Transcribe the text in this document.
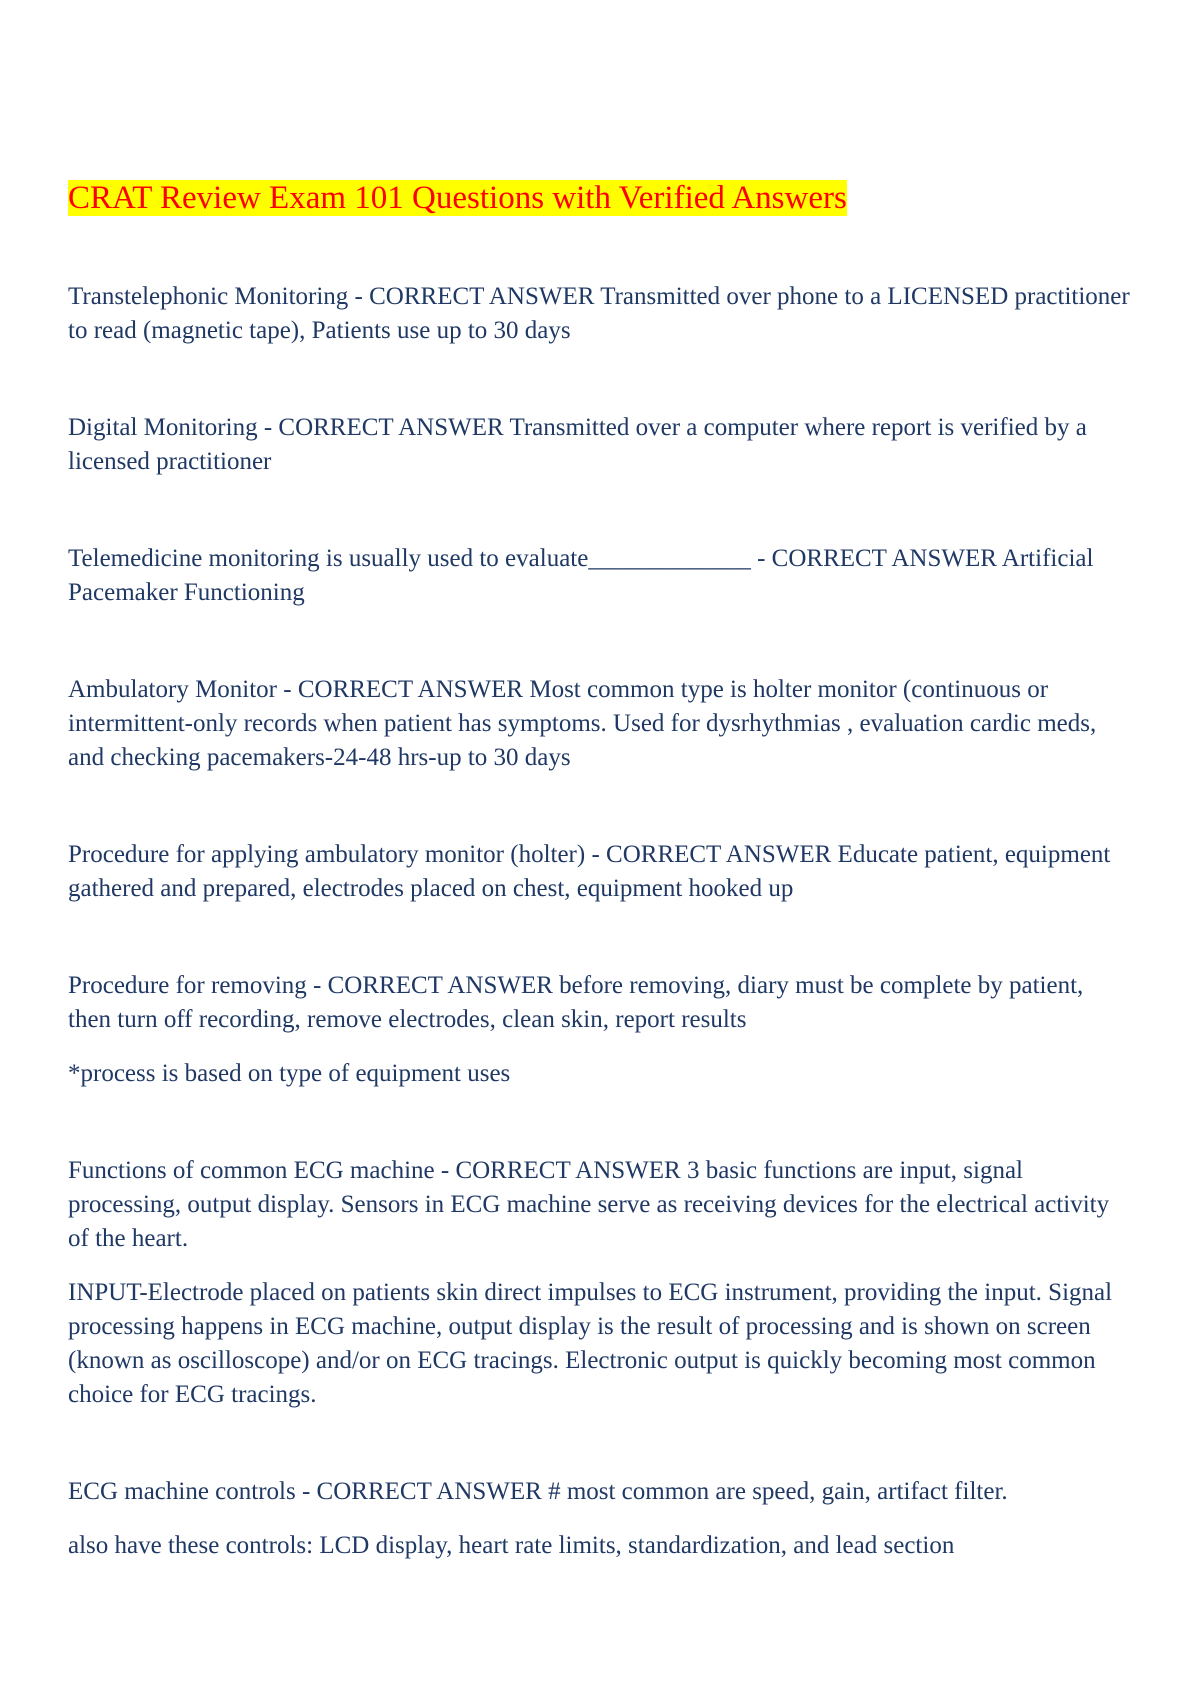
CRAT Review Exam 101 Questions with Verified Answers

Transtelephonic Monitoring - CORRECT ANSWER Transmitted over phone to a LICENSED practitioner to read (magnetic tape), Patients use up to 30 days

Digital Monitoring - CORRECT ANSWER Transmitted over a computer where report is verified by a licensed practitioner

Telemedicine monitoring is usually used to evaluate_____________ - CORRECT ANSWER Artificial Pacemaker Functioning

Ambulatory Monitor - CORRECT ANSWER Most common type is holter monitor (continuous or intermittent-only records when patient has symptoms. Used for dysrhythmias , evaluation cardic meds, and checking pacemakers-24-48 hrs-up to 30 days

Procedure for applying ambulatory monitor (holter) - CORRECT ANSWER Educate patient, equipment gathered and prepared, electrodes placed on chest, equipment hooked up

Procedure for removing - CORRECT ANSWER before removing, diary must be complete by patient, then turn off recording, remove electrodes, clean skin, report results

*process is based on type of equipment uses

Functions of common ECG machine - CORRECT ANSWER 3 basic functions are input, signal processing, output display. Sensors in ECG machine serve as receiving devices for the electrical activity of the heart.

INPUT-Electrode placed on patients skin direct impulses to ECG instrument, providing the input. Signal processing happens in ECG machine, output display is the result of processing and is shown on screen (known as oscilloscope) and/or on ECG tracings. Electronic output is quickly becoming most common choice for ECG tracings.

ECG machine controls - CORRECT ANSWER # most common are speed, gain, artifact filter.

also have these controls: LCD display, heart rate limits, standardization, and lead section
